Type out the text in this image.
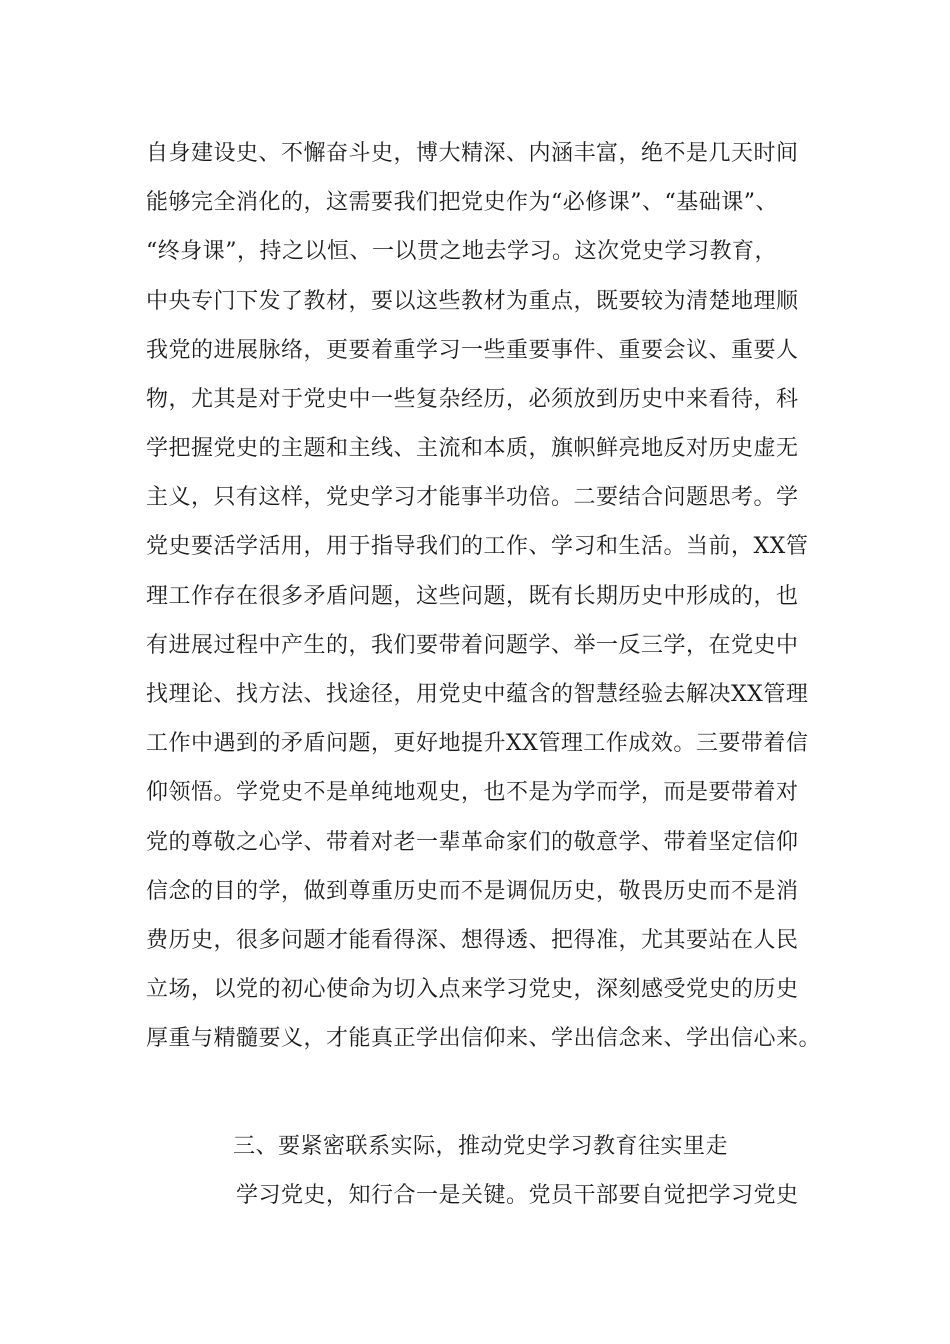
自身建设史、不懈奋斗史，博大精深、内涵丰富，绝不是几天时间
能够完全消化的，这需要我们把党史作为“必修课”、“基础课”、
“终身课”，持之以恒、一以贯之地去学习。这次党史学习教育，
中央专门下发了教材，要以这些教材为重点，既要较为清楚地理顺
我党的进展脉络，更要着重学习一些重要事件、重要会议、重要人
物，尤其是对于党史中一些复杂经历，必须放到历史中来看待，科
学把握党史的主题和主线、主流和本质，旗帜鲜亮地反对历史虚无
主义，只有这样，党史学习才能事半功倍。二要结合问题思考。学
党史要活学活用，用于指导我们的工作、学习和生活。当前，XX管
理工作存在很多矛盾问题，这些问题，既有长期历史中形成的，也
有进展过程中产生的，我们要带着问题学、举一反三学，在党史中
找理论、找方法、找途径，用党史中蕴含的智慧经验去解决XX管理
工作中遇到的矛盾问题，更好地提升XX管理工作成效。三要带着信
仰领悟。学党史不是单纯地观史，也不是为学而学，而是要带着对
党的尊敬之心学、带着对老一辈革命家们的敬意学、带着坚定信仰
信念的目的学，做到尊重历史而不是调侃历史，敬畏历史而不是消
费历史，很多问题才能看得深、想得透、把得准，尤其要站在人民
立场，以党的初心使命为切入点来学习党史，深刻感受党史的历史
厚重与精髓要义，才能真正学出信仰来、学出信念来、学出信心来。
三、要紧密联系实际，推动党史学习教育往实里走
学习党史，知行合一是关键。党员干部要自觉把学习党史
